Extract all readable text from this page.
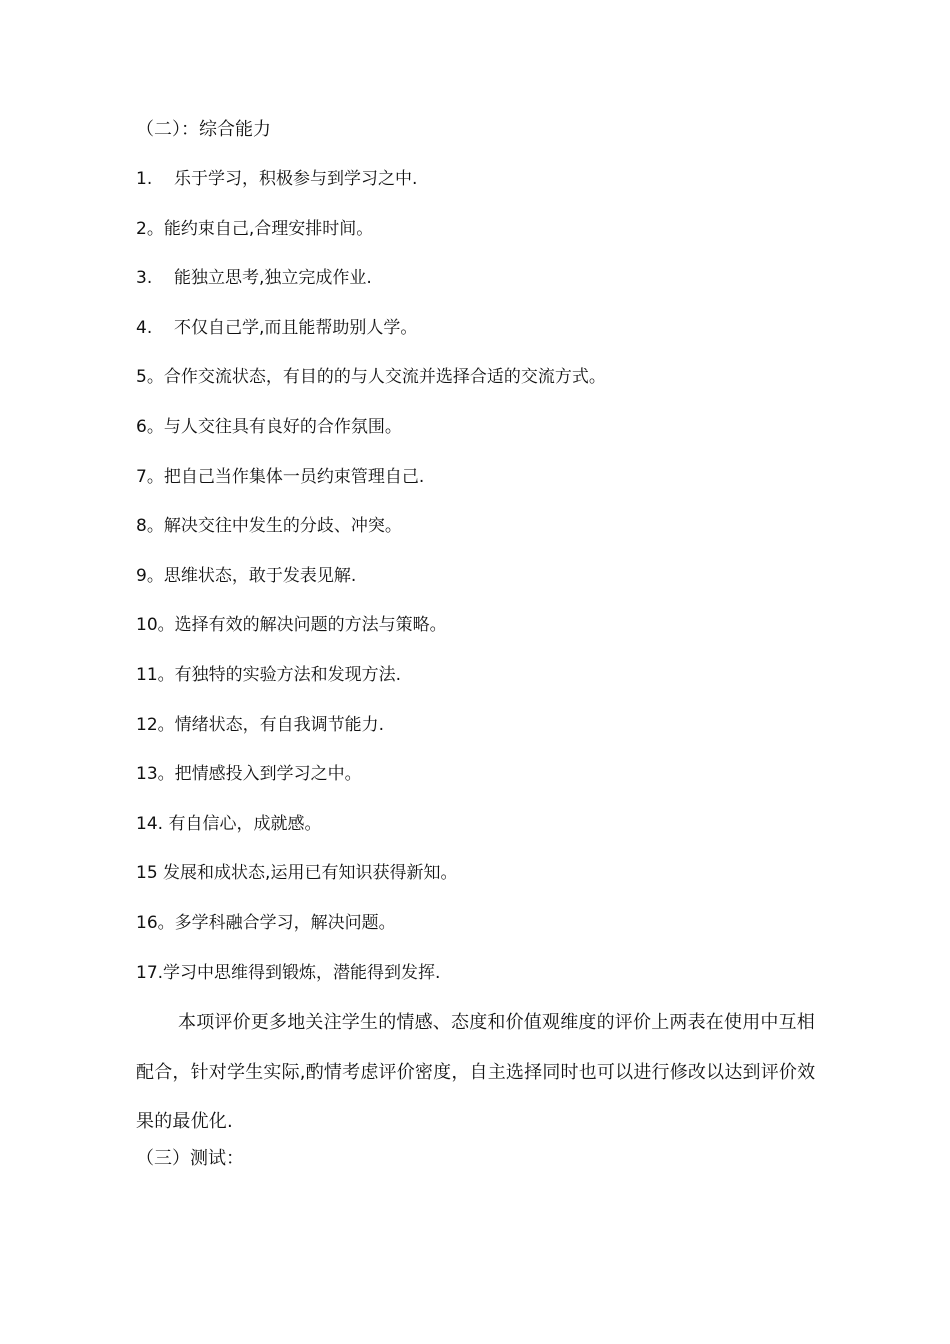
（二）：综合能力

1.	乐于学习，积极参与到学习之中.
2。 能约束自己,合理安排时间。
3.	能独立思考,独立完成作业.
4.	不仅自己学,而且能帮助别人学。
5。 合作交流状态，有目的的与人交流并选择合适的交流方式。
6。 与人交往具有良好的合作氛围。
7。 把自己当作集体一员约束管理自己.
8。 解决交往中发生的分歧、冲突。
9。 思维状态，敢于发表见解.
10。 选择有效的解决问题的方法与策略。
11。 有独特的实验方法和发现方法.
12。 情绪状态，有自我调节能力.
13。 把情感投入到学习之中。
14. 有自信心，成就感。
15 发展和成状态,运用已有知识获得新知。
16。 多学科融合学习，解决问题。
17. 学习中思维得到锻炼，潜能得到发挥.

本项评价更多地关注学生的情感、态度和价值观维度的评价上两表在使用中互相配合，针对学生实际,酌情考虑评价密度，自主选择同时也可以进行修改以达到评价效果的最优化.

（三）测试：
